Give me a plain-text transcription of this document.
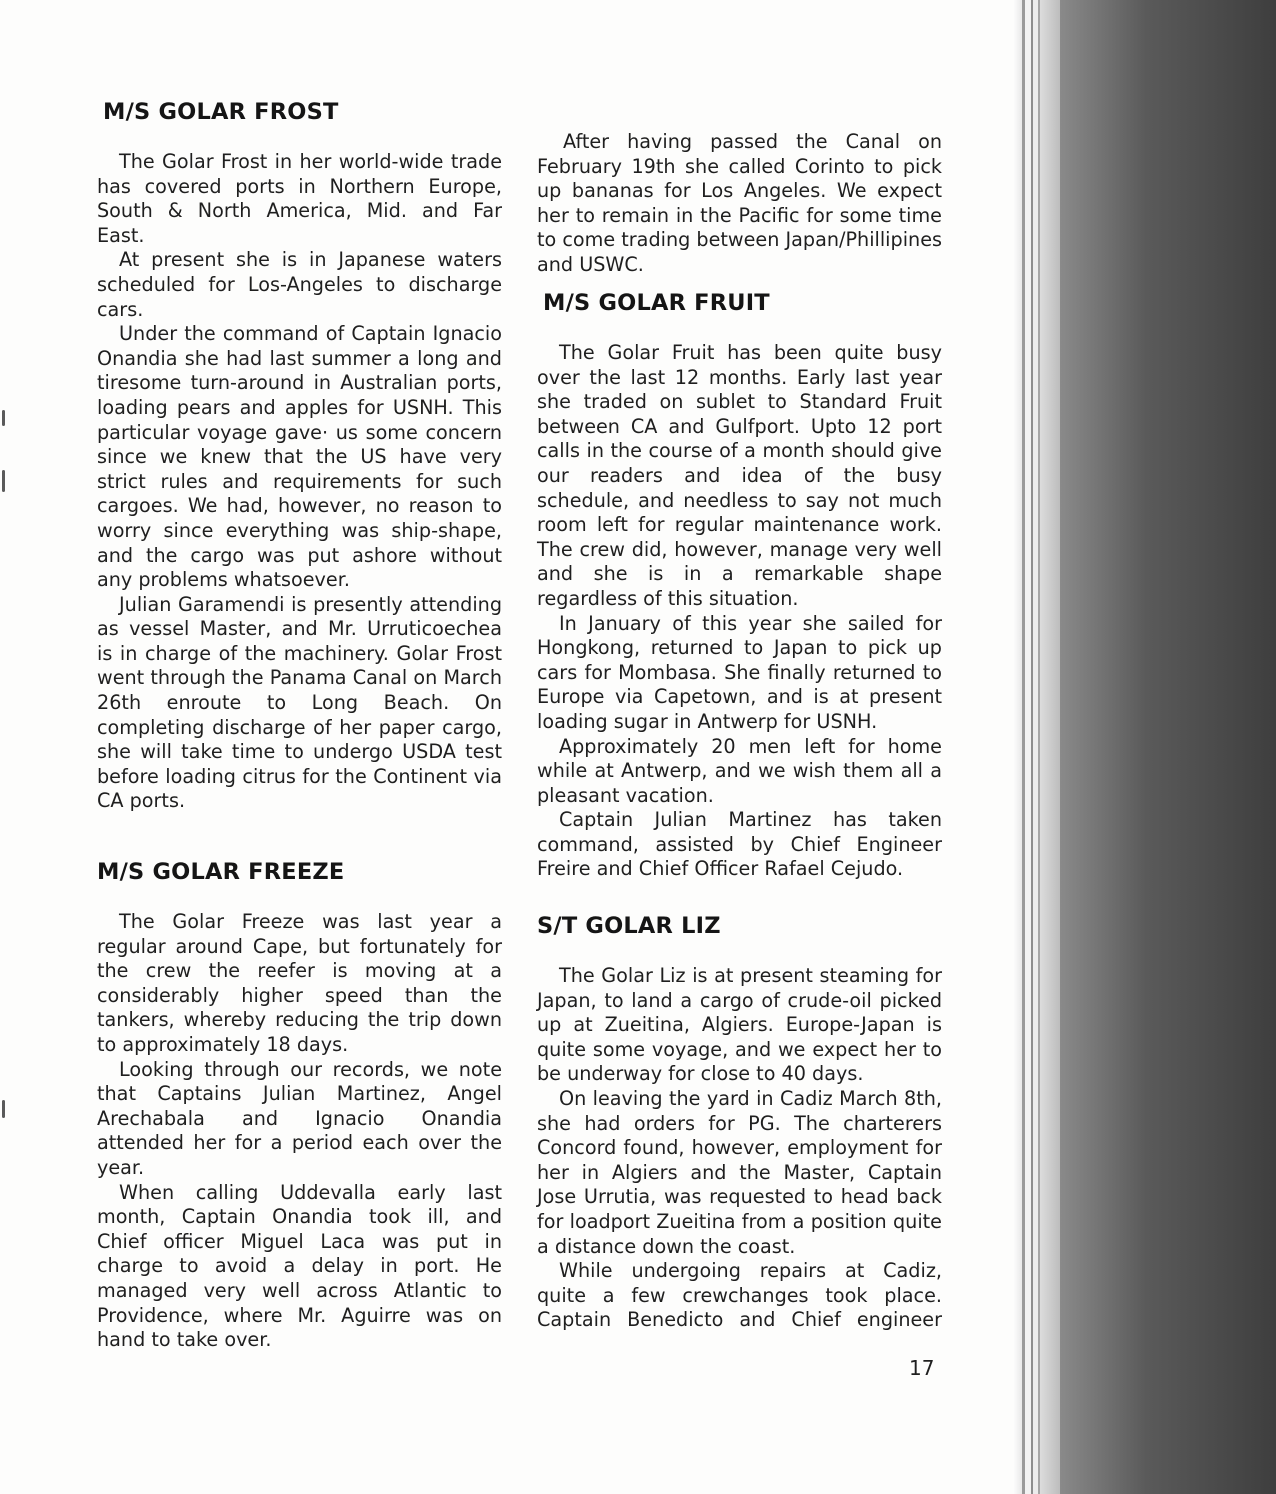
M/S GOLAR FROST

The Golar Frost in her world-wide trade has covered ports in Northern Europe, South & North America, Mid. and Far East.

At present she is in Japanese waters scheduled for Los-Angeles to discharge cars.

Under the command of Captain Ignacio Onandia she had last summer a long and tiresome turn-around in Australian ports, loading pears and apples for USNH. This particular voyage gave· us some concern since we knew that the US have very strict rules and requirements for such cargoes. We had, however, no reason to worry since everything was ship-shape, and the cargo was put ashore without any problems whatsoever.

Julian Garamendi is presently attending as vessel Master, and Mr. Urruticoechea is in charge of the machinery. Golar Frost went through the Panama Canal on March 26th enroute to Long Beach. On completing discharge of her paper cargo, she will take time to undergo USDA test before loading citrus for the Continent via CA ports.

M/S GOLAR FREEZE

The Golar Freeze was last year a regular around Cape, but fortunately for the crew the reefer is moving at a considerably higher speed than the tankers, whereby reducing the trip down to approximately 18 days.

Looking through our records, we note that Captains Julian Martinez, Angel Arechabala and Ignacio Onandia attended her for a period each over the year.

When calling Uddevalla early last month, Captain Onandia took ill, and Chief officer Miguel Laca was put in charge to avoid a delay in port. He managed very well across Atlantic to Providence, where Mr. Aguirre was on hand to take over.

After having passed the Canal on February 19th she called Corinto to pick up bananas for Los Angeles. We expect her to remain in the Pacific for some time to come trading between Japan/Phillipines and USWC.

M/S GOLAR FRUIT

The Golar Fruit has been quite busy over the last 12 months. Early last year she traded on sublet to Standard Fruit between CA and Gulfport. Upto 12 port calls in the course of a month should give our readers and idea of the busy schedule, and needless to say not much room left for regular maintenance work. The crew did, however, manage very well and she is in a remarkable shape regardless of this situation.

In January of this year she sailed for Hongkong, returned to Japan to pick up cars for Mombasa. She finally returned to Europe via Capetown, and is at present loading sugar in Antwerp for USNH.

Approximately 20 men left for home while at Antwerp, and we wish them all a pleasant vacation.

Captain Julian Martinez has taken command, assisted by Chief Engineer Freire and Chief Officer Rafael Cejudo.

S/T GOLAR LIZ

The Golar Liz is at present steaming for Japan, to land a cargo of crude-oil picked up at Zueitina, Algiers. Europe-Japan is quite some voyage, and we expect her to be underway for close to 40 days.

On leaving the yard in Cadiz March 8th, she had orders for PG. The charterers Concord found, however, employment for her in Algiers and the Master, Captain Jose Urrutia, was requested to head back for loadport Zueitina from a position quite a distance down the coast.

While undergoing repairs at Cadiz, quite a few crewchanges took place. Captain Benedicto and Chief engineer

17
